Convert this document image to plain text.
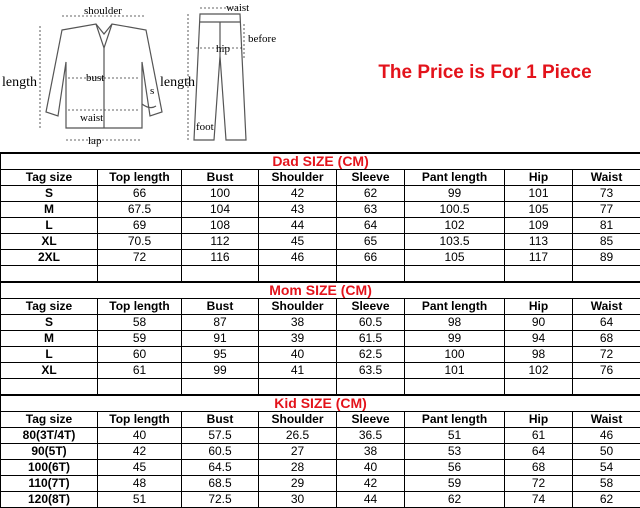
shoulder
length	bust
waist
lap
s
waist
before
hip
length
foot
The Price is For 1 Piece
Dad SIZE (CM)							
Tag size	Top length	Bust	Shoulder	Sleeve	Pant length	Hip	Waist
S	66	100	42	62	99	101	73
M	67.5	104	43	63	100.5	105	77
L	69	108	44	64	102	109	81
XL	70.5	112	45	65	103.5	113	85
2XL	72	116	46	66	105	117	89

Mom SIZE (CM)							
Tag size	Top length	Bust	Shoulder	Sleeve	Pant length	Hip	Waist
S	58	87	38	60.5	98	90	64
M	59	91	39	61.5	99	94	68
L	60	95	40	62.5	100	98	72
XL	61	99	41	63.5	101	102	76

Kid SIZE (CM)							
Tag size	Top length	Bust	Shoulder	Sleeve	Pant length	Hip	Waist
80(3T/4T)	40	57.5	26.5	36.5	51	61	46
90(5T)	42	60.5	27	38	53	64	50
100(6T)	45	64.5	28	40	56	68	54
110(7T)	48	68.5	29	42	59	72	58
120(8T)	51	72.5	30	44	62	74	62
